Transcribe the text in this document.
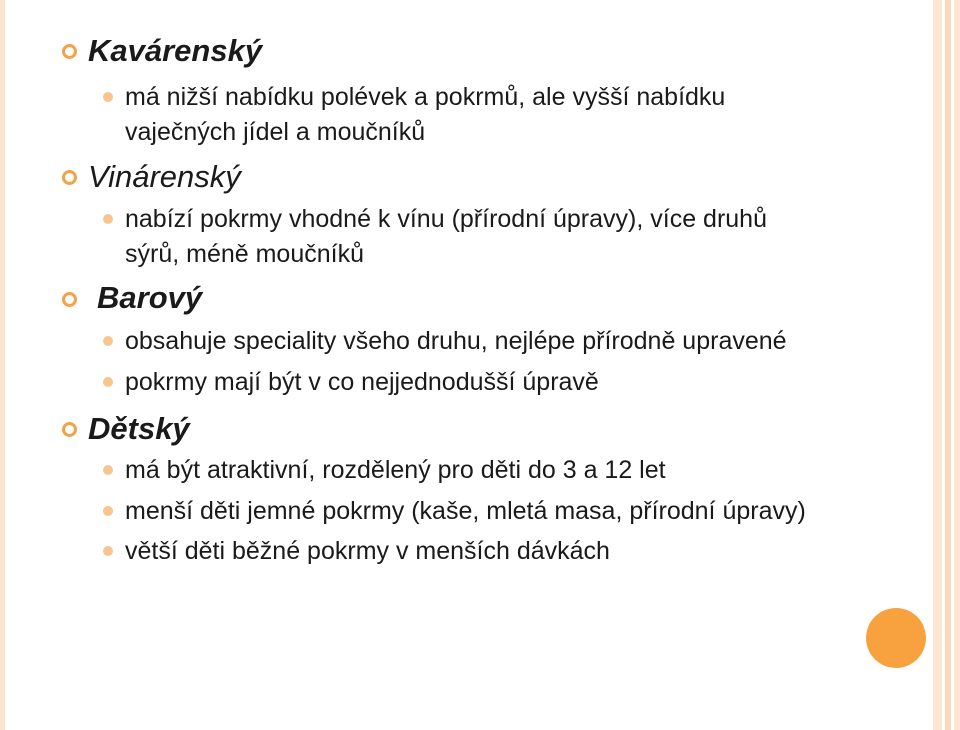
Kavárenský
má nižší nabídku polévek a pokrmů, ale vyšší nabídku
vaječných jídel a moučníků
Vinárenský
nabízí pokrmy vhodné k vínu (přírodní úpravy), více druhů
sýrů, méně moučníků
Barový
obsahuje speciality všeho druhu, nejlépe přírodně upravené
pokrmy mají být v co nejjednodušší úpravě
Dětský
má být atraktivní, rozdělený pro děti do 3 a 12 let
menší děti jemné pokrmy (kaše, mletá masa, přírodní úpravy)
větší děti běžné pokrmy v menších dávkách
